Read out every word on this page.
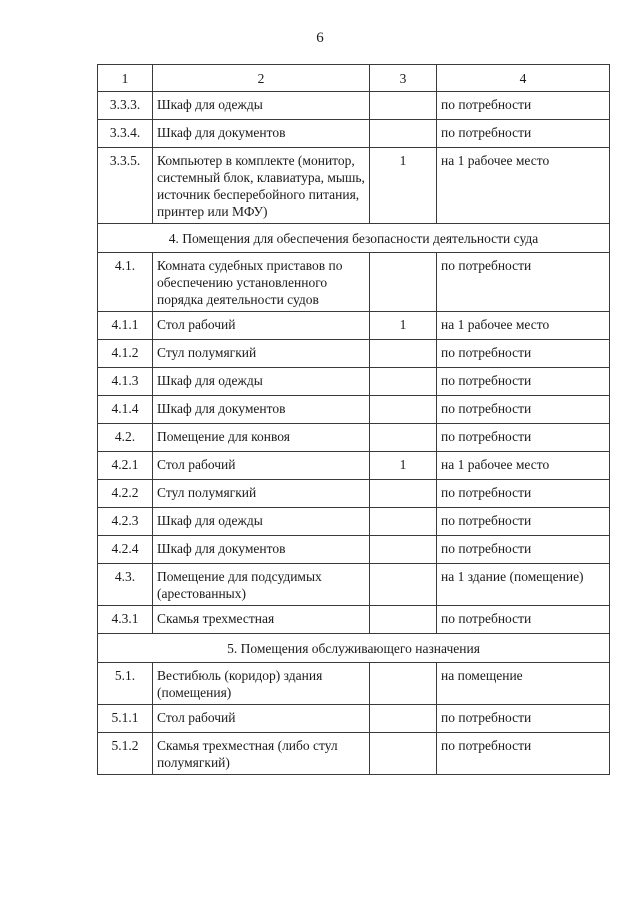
6
1	2	3	4
3.3.3.	Шкаф для одежды		по потребности
3.3.4.	Шкаф для документов		по потребности
3.3.5.	Компьютер в комплекте (монитор, системный блок, клавиатура, мышь, источник бесперебойного питания, принтер или МФУ)	1	на 1 рабочее место
4. Помещения для обеспечения безопасности деятельности суда			
4.1.	Комната судебных приставов по обеспечению установленного порядка деятельности судов		по потребности
4.1.1	Стол рабочий	1	на 1 рабочее место
4.1.2	Стул полумягкий		по потребности
4.1.3	Шкаф для одежды		по потребности
4.1.4	Шкаф для документов		по потребности
4.2.	Помещение для конвоя		по потребности
4.2.1	Стол рабочий	1	на 1 рабочее место
4.2.2	Стул полумягкий		по потребности
4.2.3	Шкаф для одежды		по потребности
4.2.4	Шкаф для документов		по потребности
4.3.	Помещение для подсудимых (арестованных)		на 1 здание (помещение)
4.3.1	Скамья трехместная		по потребности
5. Помещения обслуживающего назначения			
5.1.	Вестибюль (коридор) здания (помещения)		на помещение
5.1.1	Стол рабочий		по потребности
5.1.2	Скамья трехместная (либо стул полумягкий)		по потребности
